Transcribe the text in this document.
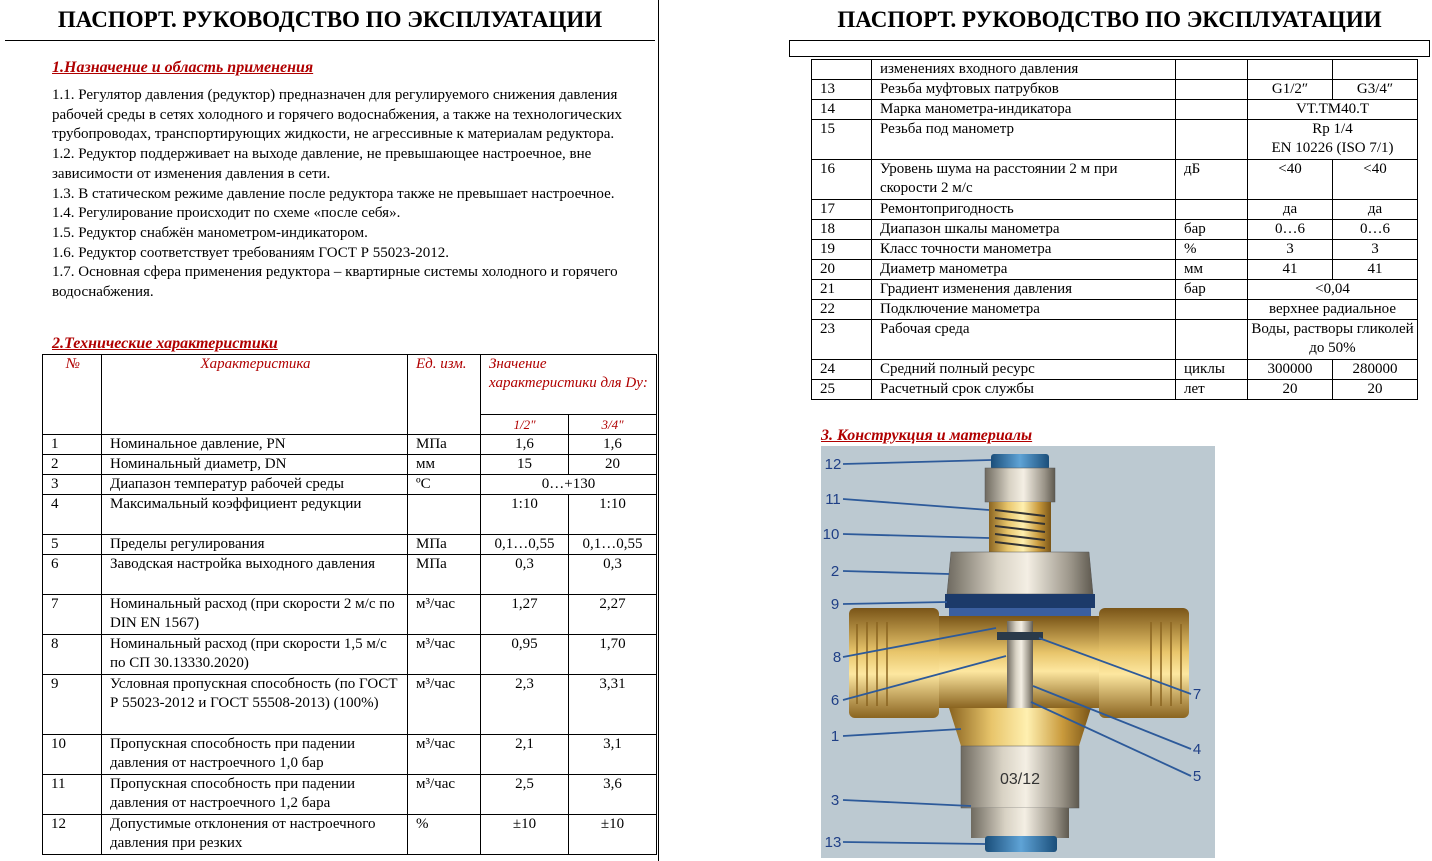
ПАСПОРТ. РУКОВОДСТВО ПО ЭКСПЛУАТАЦИИ
1.Назначение и область применения

1.1. Регулятор давления (редуктор) предназначен для регулируемого снижения давления рабочей среды в сетях холодного и горячего водоснабжения, а также на технологических трубопроводах, транспортирующих жидкости, не агрессивные к материалам редуктора.

1.2. Редуктор поддерживает на выходе давление, не превышающее настроечное, вне зависимости от изменения давления в сети.

1.3. В статическом режиме давление после редуктора также не превышает настроечное.

1.4. Регулирование происходит по схеме «после себя».

1.5. Редуктор снабжён манометром-индикатором.

1.6. Редуктор соответствует требованиям ГОСТ Р 55023-2012.

1.7. Основная сфера применения редуктора – квартирные системы холодного и горячего водоснабжения.

2.Технические характеристики
№	Характеристика	Ед. изм.	Значение характеристики для Dy:	
			1/2"	3/4"
1	Номинальное давление, PN	МПа	1,6	1,6
2	Номинальный диаметр, DN	мм	15	20
3	Диапазон температур рабочей среды	ºC	0…+130	
4	Максимальный коэффициент редукции		1:10	1:10
5	Пределы регулирования	МПа	0,1…0,55	0,1…0,55
6	Заводская настройка выходного давления	МПа	0,3	0,3
7	Номинальный расход (при скорости 2 м/с по DIN EN 1567)	м³/час	1,27	2,27
8	Номинальный расход (при скорости 1,5 м/с по СП 30.13330.2020)	м³/час	0,95	1,70
9	Условная пропускная способность (по ГОСТ Р 55023-2012 и ГОСТ 55508-2013) (100%)	м³/час	2,3	3,31
10	Пропускная способность при падении давления от настроечного 1,0 бар	м³/час	2,1	3,1
11	Пропускная способность при падении давления от настроечного 1,2 бара	м³/час	2,5	3,6
12	Допустимые отклонения от настроечного давления при резких	%	±10	±10
ПАСПОРТ. РУКОВОДСТВО ПО ЭКСПЛУАТАЦИИ
	изменениях входного давления			
13	Резьба муфтовых патрубков		G1/2″	G3/4″
14	Марка манометра-индикатора		VT.TM40.T	
15	Резьба под манометр		Rp 1/4
EN 10226 (ISO 7/1)	
16	Уровень шума на расстоянии 2 м при скорости 2 м/с	дБ	<40	<40
17	Ремонтопригодность		да	да
18	Диапазон шкалы манометра	бар	0…6	0…6
19	Класс точности манометра	%	3	3
20	Диаметр манометра	мм	41	41
21	Градиент изменения давления	бар	<0,04	
22	Подключение манометра		верхнее радиальное	
23	Рабочая среда		Воды, растворы гликолей до 50%	
24	Средний полный ресурс	циклы	300000	280000
25	Расчетный срок службы	лет	20	20
3. Конструкция и материалы
03/12
12
11
10
2
9
8
6
1
3
13
7
4
5
